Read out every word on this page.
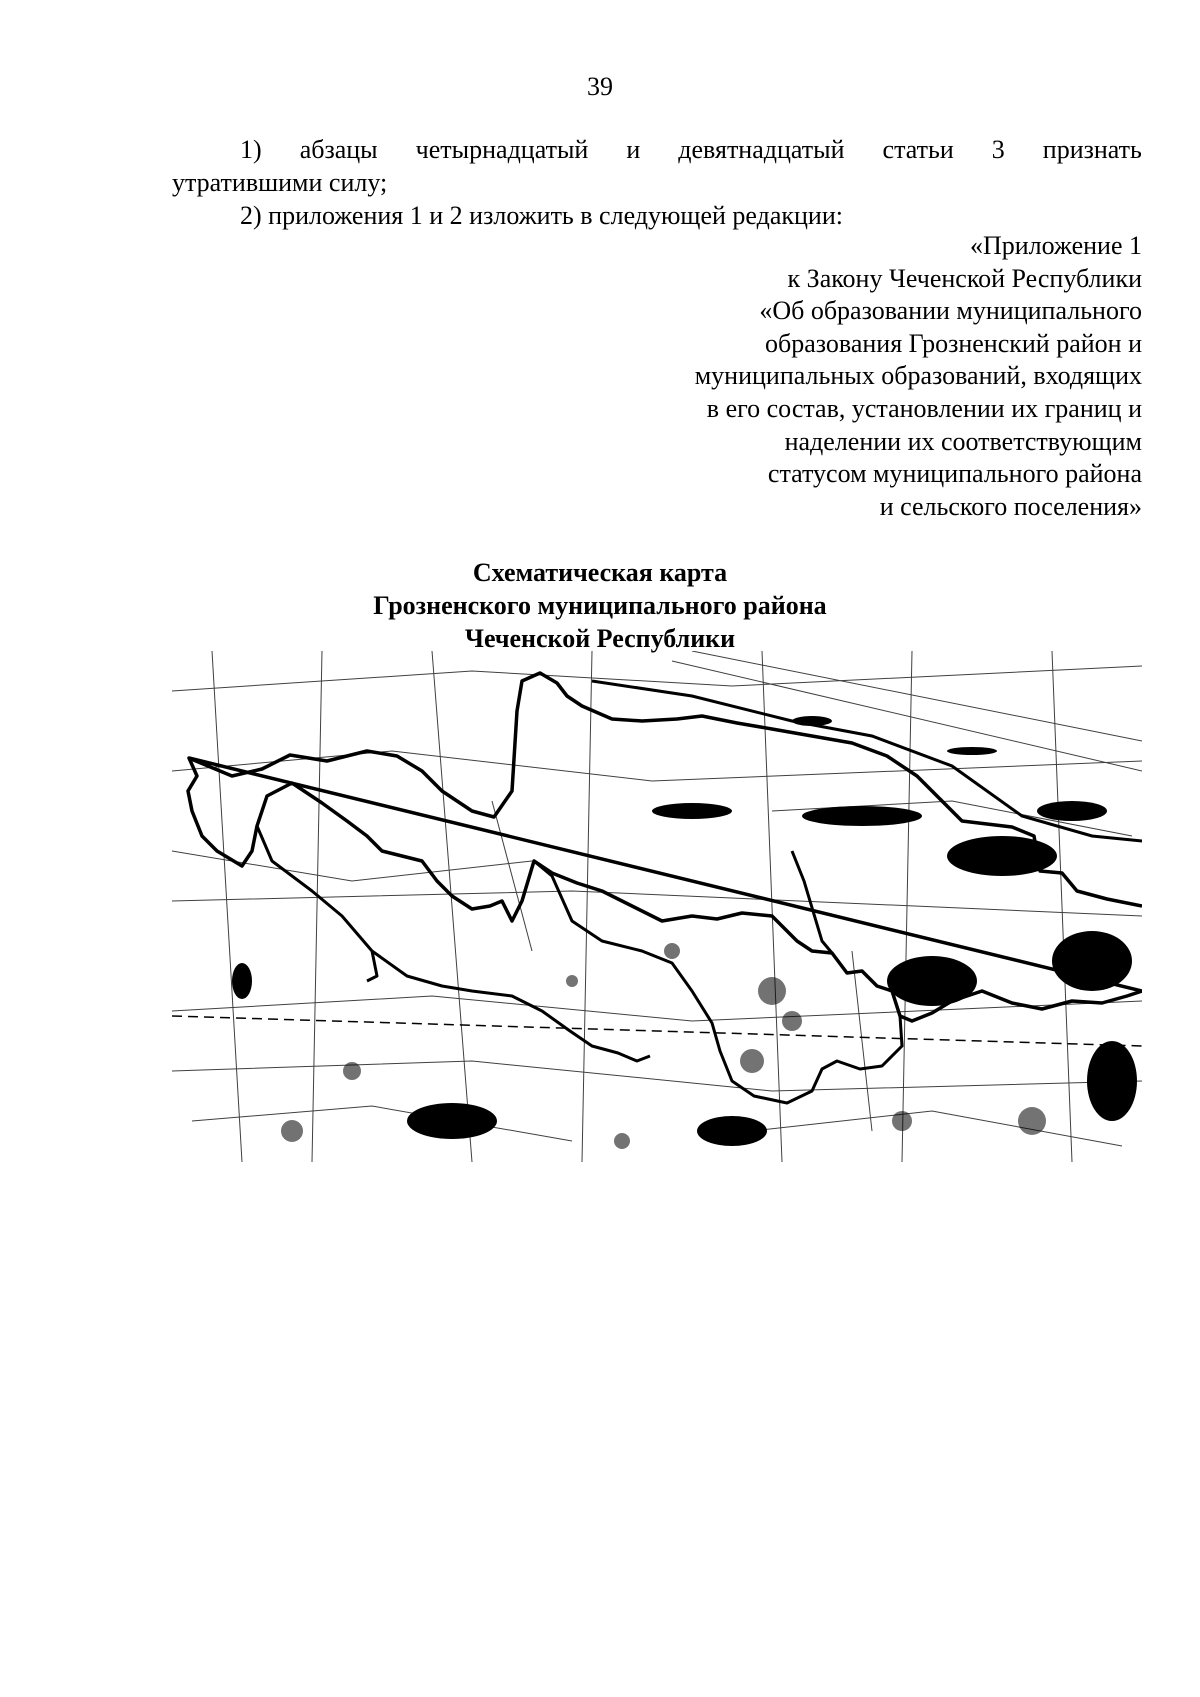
39
1) абзацы четырнадцатый и девятнадцатый статьи 3 признать
утратившими силу;
2) приложения 1 и 2 изложить в следующей редакции:
«Приложение 1
к Закону Чеченской Республики
«Об образовании муниципального
образования Грозненский район и
муниципальных образований, входящих
в его состав, установлении их границ и
наделении их соответствующим
статусом муниципального района
и сельского поселения»
Схематическая карта
Грозненского муниципального района
Чеченской Республики
